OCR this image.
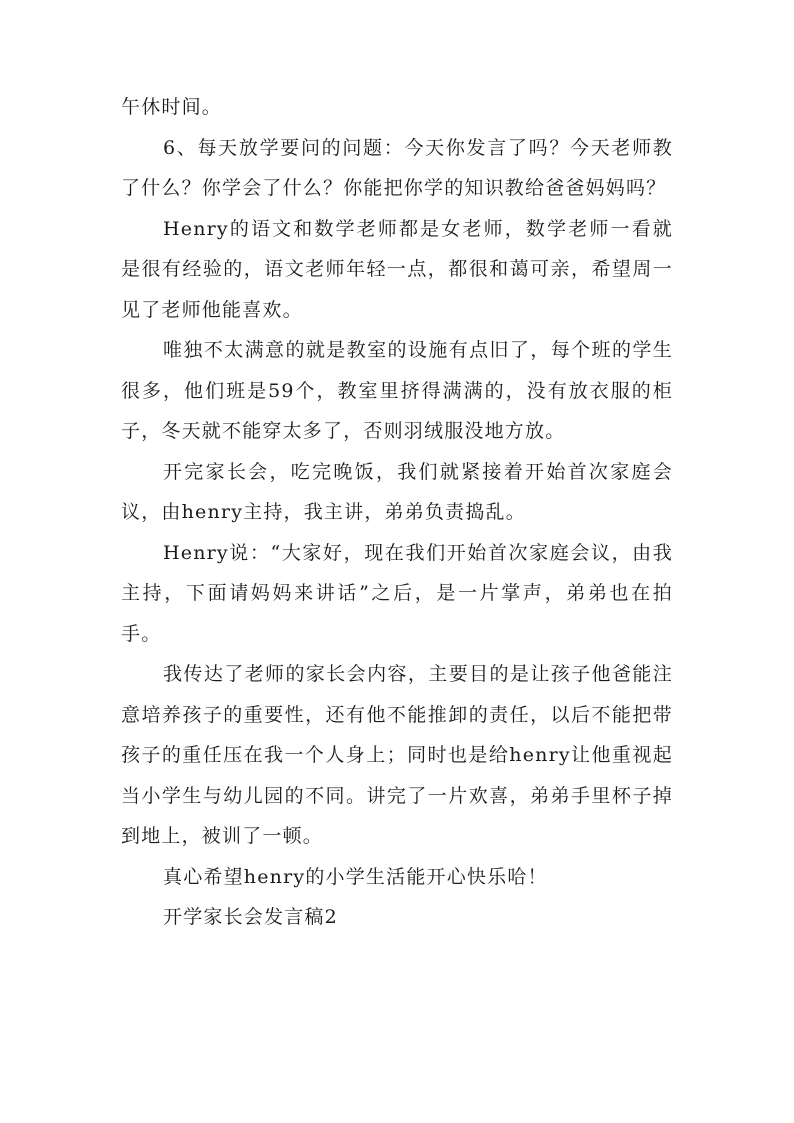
午休时间。

6、每天放学要问的问题：今天你发言了吗？今天老师教了什么？你学会了什么？你能把你学的知识教给爸爸妈妈吗？

Henry的语文和数学老师都是女老师，数学老师一看就是很有经验的，语文老师年轻一点，都很和蔼可亲，希望周一见了老师他能喜欢。

唯独不太满意的就是教室的设施有点旧了，每个班的学生很多，他们班是59个，教室里挤得满满的，没有放衣服的柜子，冬天就不能穿太多了，否则羽绒服没地方放。

开完家长会，吃完晚饭，我们就紧接着开始首次家庭会议，由henry主持，我主讲，弟弟负责捣乱。

Henry说：“大家好，现在我们开始首次家庭会议，由我主持，下面请妈妈来讲话”之后，是一片掌声，弟弟也在拍手。

我传达了老师的家长会内容，主要目的是让孩子他爸能注意培养孩子的重要性，还有他不能推卸的责任，以后不能把带孩子的重任压在我一个人身上；同时也是给henry让他重视起当小学生与幼儿园的不同。讲完了一片欢喜，弟弟手里杯子掉到地上，被训了一顿。

真心希望henry的小学生活能开心快乐哈！

开学家长会发言稿2
